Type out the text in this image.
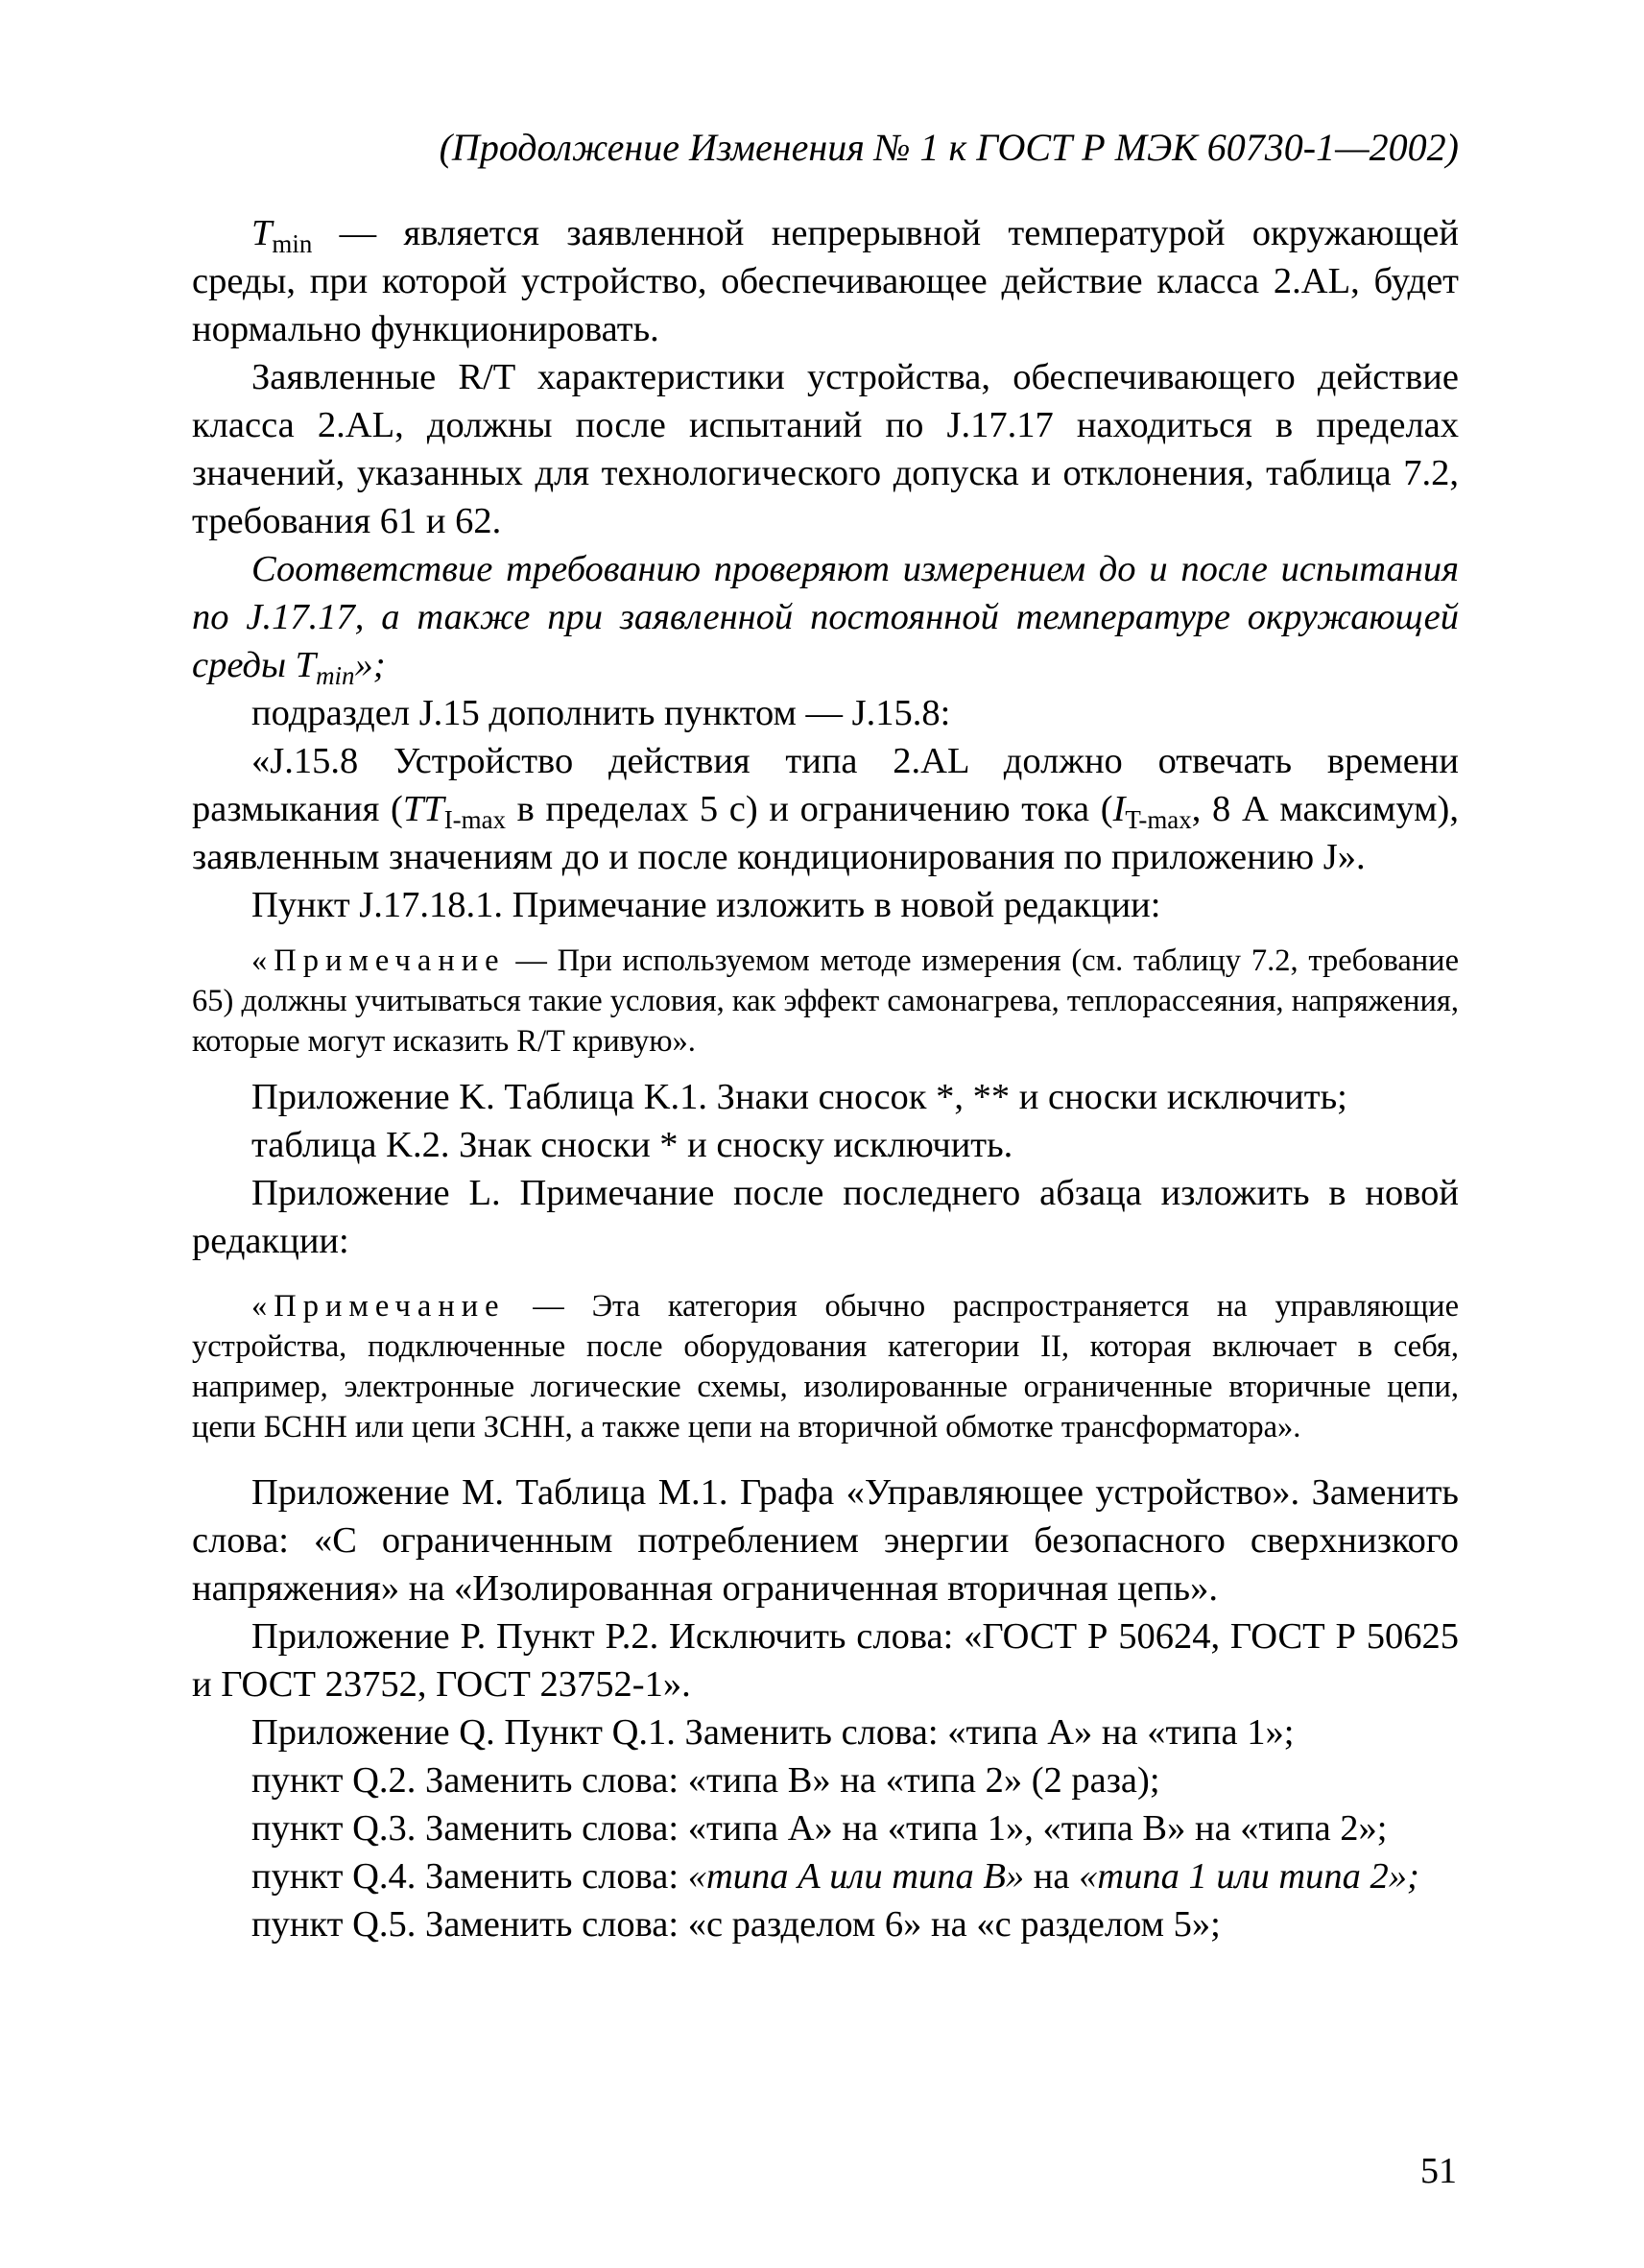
(Продолжение Изменения № 1 к ГОСТ Р МЭК 60730-1—2002)

$T_{min}$ — является заявленной непрерывной температурой окружающей среды, при которой устройство, обеспечивающее действие класса 2.AL, будет нормально функционировать.

Заявленные R/T характеристики устройства, обеспечивающего действие класса 2.AL, должны после испытаний по J.17.17 находиться в пределах значений, указанных для технологического допуска и отклонения, таблица 7.2, требования 61 и 62.

Соответствие требованию проверяют измерением до и после испытания по J.17.17, а также при заявленной постоянной температуре окружающей среды $T_{min}$»;

подраздел J.15 дополнить пунктом — J.15.8:

«J.15.8 Устройство действия типа 2.AL должно отвечать времени размыкания ($TT_{I-max}$ в пределах 5 с) и ограничению тока ($I_{T-max}$, 8 А максимум), заявленным значениям до и после кондиционирования по приложению J».

Пункт J.17.18.1. Примечание изложить в новой редакции:

«Примечание — При используемом методе измерения (см. таблицу 7.2, требование 65) должны учитываться такие условия, как эффект самонагрева, теплорассеяния, напряжения, которые могут исказить R/T кривую».

Приложение K. Таблица K.1. Знаки сносок *, ** и сноски исключить;

таблица K.2. Знак сноски * и сноску исключить.

Приложение L. Примечание после последнего абзаца изложить в новой редакции:

«Примечание — Эта категория обычно распространяется на управляющие устройства, подключенные после оборудования категории II, которая включает в себя, например, электронные логические схемы, изолированные ограниченные вторичные цепи, цепи БСНН или цепи ЗСНН, а также цепи на вторичной обмотке трансформатора».

Приложение M. Таблица M.1. Графа «Управляющее устройство». Заменить слова: «С ограниченным потреблением энергии безопасного сверхнизкого напряжения» на «Изолированная ограниченная вторичная цепь».

Приложение P. Пункт P.2. Исключить слова: «ГОСТ Р 50624, ГОСТ Р 50625 и ГОСТ 23752, ГОСТ 23752-1».

Приложение Q. Пункт Q.1. Заменить слова: «типа А» на «типа 1»;

пункт Q.2. Заменить слова: «типа В» на «типа 2» (2 раза);

пункт Q.3. Заменить слова: «типа А» на «типа 1», «типа В» на «типа 2»;

пункт Q.4. Заменить слова: «типа А или типа В» на «типа 1 или типа 2»;

пункт Q.5. Заменить слова: «с разделом 6» на «с разделом 5»;

51
